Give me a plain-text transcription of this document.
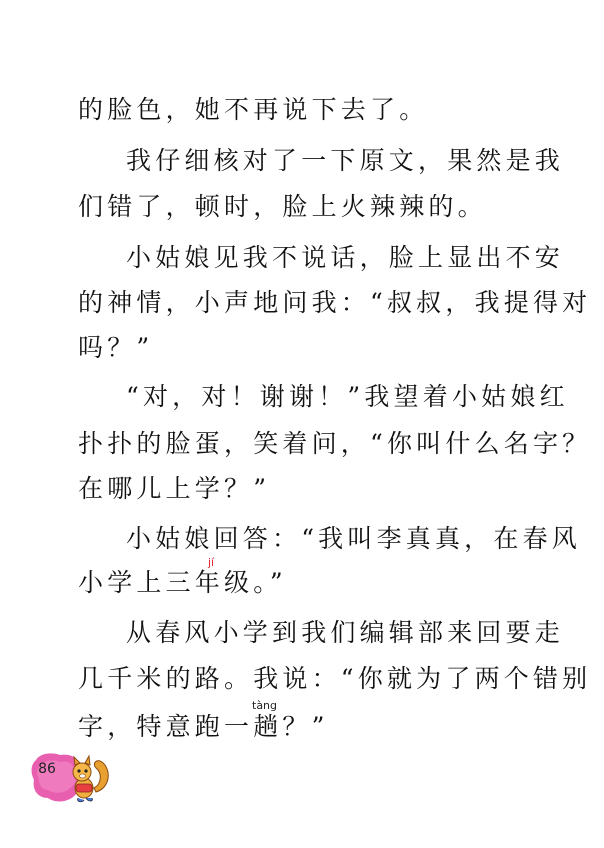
的脸色，她不再说下去了。
我仔细核对了一下原文，果然是我
们错了，顿时，脸上火辣辣的。
小姑娘见我不说话，脸上显出不安
的神情，小声地问我：“叔叔，我提得对
吗？”
“对，对！谢谢！”我望着小姑娘红
扑扑的脸蛋，笑着问，“你叫什么名字？
在哪儿上学？”
小姑娘回答：“我叫李真真，在春风
jí
小学上三年级。”
从春风小学到我们编辑部来回要走
几千米的路。我说：“你就为了两个错别
tàng
字，特意跑一趟？”
86
